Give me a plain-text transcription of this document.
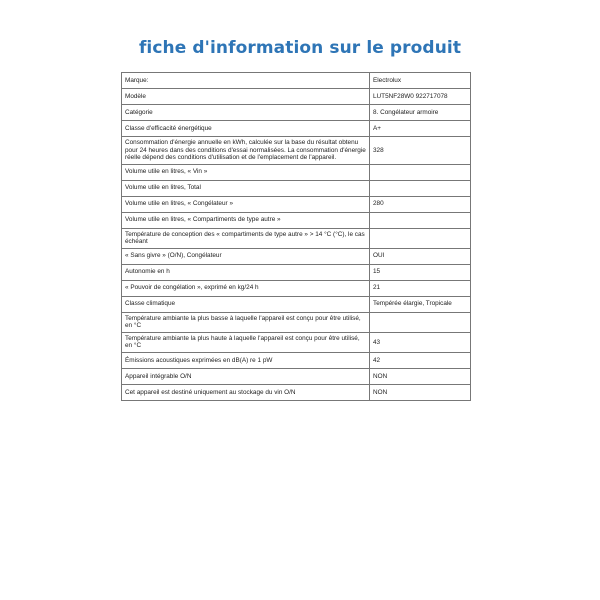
fiche d'information sur le produit
Marque:	Electrolux
Modèle	LUT5NF28W0 922717078
Catégorie	8. Congélateur armoire
Classe d'efficacité énergétique	A+
Consommation d'énergie annuelle en kWh, calculée sur la base du résultat obtenu pour 24 heures dans des conditions d'essai normalisées. La consommation d'énergie réelle dépend des conditions d'utilisation et de l'emplacement de l'appareil.	328
Volume utile en litres, « Vin »	
Volume utile en litres, Total	
Volume utile en litres, « Congélateur »	280
Volume utile en litres, « Compartiments de type autre »	
Température de conception des « compartiments de type autre » > 14 °C (°C), le cas échéant	
« Sans givre » (O/N), Congélateur	OUI
Autonomie en h	15
« Pouvoir de congélation », exprimé en kg/24 h	21
Classe climatique	Tempérée élargie, Tropicale
Température ambiante la plus basse à laquelle l'appareil est conçu pour être utilisé, en °C	
Température ambiante la plus haute à laquelle l'appareil est conçu pour être utilisé, en °C	43
Émissions acoustiques exprimées en dB(A) re 1 pW	42
Appareil intégrable O/N	NON
Cet appareil est destiné uniquement au stockage du vin O/N	NON
